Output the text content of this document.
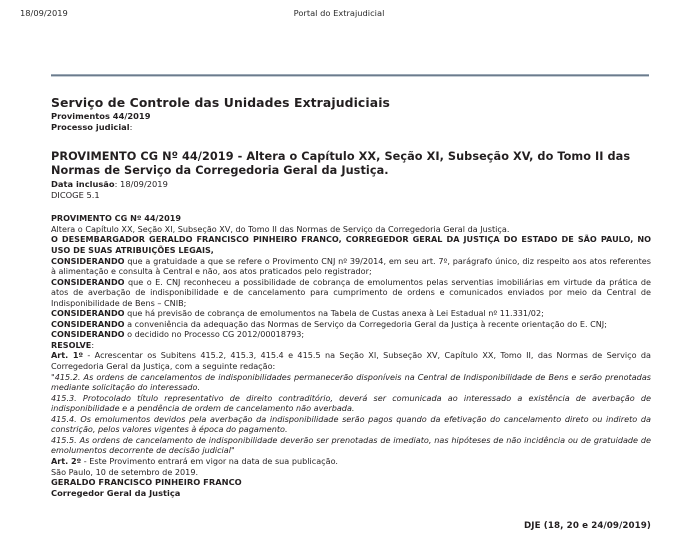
18/09/2019	Portal do Extrajudicial
Serviço de Controle das Unidades Extrajudiciais
Provimentos 44/2019
Processo judicial:
PROVIMENTO CG Nº 44/2019 - Altera o Capítulo XX, Seção XI, Subseção XV, do Tomo II das Normas de Serviço da Corregedoria Geral da Justiça.
Data inclusão: 18/09/2019
DICOGE 5.1

PROVIMENTO CG Nº 44/2019

Altera o Capítulo XX, Seção XI, Subseção XV, do Tomo II das Normas de Serviço da Corregedoria Geral da Justiça.

O DESEMBARGADOR GERALDO FRANCISCO PINHEIRO FRANCO, CORREGEDOR GERAL DA JUSTIÇA DO ESTADO DE SÃO PAULO, NO USO DE SUAS ATRIBUIÇÕES LEGAIS,

CONSIDERANDO que a gratuidade a que se refere o Provimento CNJ nº 39/2014, em seu art. 7º, parágrafo único, diz respeito aos atos referentes à alimentação e consulta à Central e não, aos atos praticados pelo registrador;

CONSIDERANDO que o E. CNJ reconheceu a possibilidade de cobrança de emolumentos pelas serventias imobiliárias em virtude da prática de atos de averbação de indisponibilidade e de cancelamento para cumprimento de ordens e comunicados enviados por meio da Central de Indisponibilidade de Bens – CNIB;

CONSIDERANDO que há previsão de cobrança de emolumentos na Tabela de Custas anexa à Lei Estadual nº 11.331/02;

CONSIDERANDO a conveniência da adequação das Normas de Serviço da Corregedoria Geral da Justiça à recente orientação do E. CNJ;

CONSIDERANDO o decidido no Processo CG 2012/00018793;

RESOLVE:

Art. 1º - Acrescentar os Subitens 415.2, 415.3, 415.4 e 415.5 na Seção XI, Subseção XV, Capítulo XX, Tomo II, das Normas de Serviço da Corregedoria Geral da Justiça, com a seguinte redação:

"415.2. As ordens de cancelamentos de indisponibilidades permanecerão disponíveis na Central de Indisponibilidade de Bens e serão prenotadas mediante solicitação do interessado.

415.3. Protocolado título representativo de direito contraditório, deverá ser comunicada ao interessado a existência de averbação de indisponibilidade e a pendência de ordem de cancelamento não averbada.

415.4. Os emolumentos devidos pela averbação da indisponibilidade serão pagos quando da efetivação do cancelamento direto ou indireto da constrição, pelos valores vigentes à época do pagamento.

415.5. As ordens de cancelamento de indisponibilidade deverão ser prenotadas de imediato, nas hipóteses de não incidência ou de gratuidade de emolumentos decorrente de decisão judicial"

Art. 2º - Este Provimento entrará em vigor na data de sua publicação.

São Paulo, 10 de setembro de 2019.

GERALDO FRANCISCO PINHEIRO FRANCO

Corregedor Geral da Justiça

DJE (18, 20 e 24/09/2019)
